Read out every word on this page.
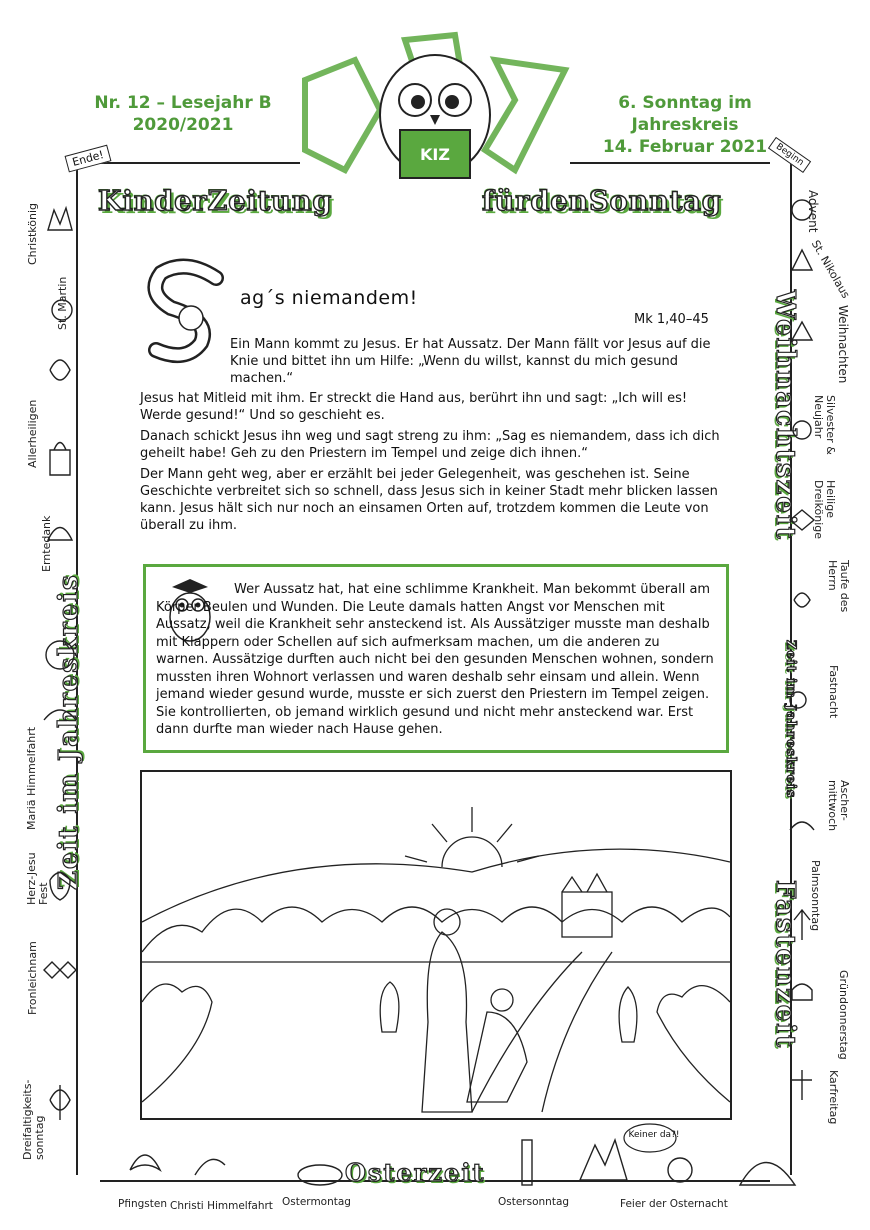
Nr. 12 – Lesejahr B
2020/2021
6. Sonntag im Jahreskreis
14. Februar 2021
KIZ
KinderZeitung	fürdenSonntag
Ende!	Beginn
Christkönig
St. Martin
Allerheiligen
Erntedank
Mariä Himmelfahrt
Herz-Jesu Fest
Fronleichnam
Dreifaltigkeits-sonntag
Zeit im Jahreskreis
Advent
St. Nikolaus
Weihnachten
Silvester & Neujahr
Heilige Dreikönige
Taufe des Herrn
Fastnacht
Ascher-mittwoch
Palmsonntag
Gründonnerstag
Karfreitag
Weihnachtszeit
Fastenzeit
Zeit im Jahreskreis
Pfingsten Christi Himmelfahrt Ostermontag
Osterzeit
Ostersonntag	Feier der Osternacht
Keiner da?!
ag´s niemandem!
Mk 1,40–45
Ein Mann kommt zu Jesus. Er hat Aussatz. Der Mann fällt vor Jesus auf die Knie und bittet ihn um Hilfe: „Wenn du willst, kannst du mich gesund machen.“
Jesus hat Mitleid mit ihm. Er streckt die Hand aus, berührt ihn und sagt: „Ich will es! Werde gesund!“ Und so geschieht es.
Danach schickt Jesus ihn weg und sagt streng zu ihm: „Sag es niemandem, dass ich dich geheilt habe! Geh zu den Priestern im Tempel und zeige dich ihnen.“
Der Mann geht weg, aber er erzählt bei jeder Gelegenheit, was geschehen ist. Seine Geschichte verbreitet sich so schnell, dass Jesus sich in keiner Stadt mehr blicken lassen kann. Jesus hält sich nur noch an einsamen Orten auf, trotzdem kommen die Leute von überall zu ihm.
Wer Aussatz hat, hat eine schlimme Krankheit. Man bekommt überall am Körper Beulen und Wunden. Die Leute damals hatten Angst vor Menschen mit Aussatz, weil die Krankheit sehr ansteckend ist. Als Aussätziger musste man deshalb mit Klappern oder Schellen auf sich aufmerksam machen, um die anderen zu warnen. Aussätzige durften auch nicht bei den gesunden Menschen wohnen, sondern mussten ihren Wohnort verlassen und waren deshalb sehr einsam und allein. Wenn jemand wieder gesund wurde, musste er sich zuerst den Priestern im Tempel zeigen. Sie kontrollierten, ob jemand wirklich gesund und nicht mehr ansteckend war. Erst dann durfte man wieder nach Hause gehen.
